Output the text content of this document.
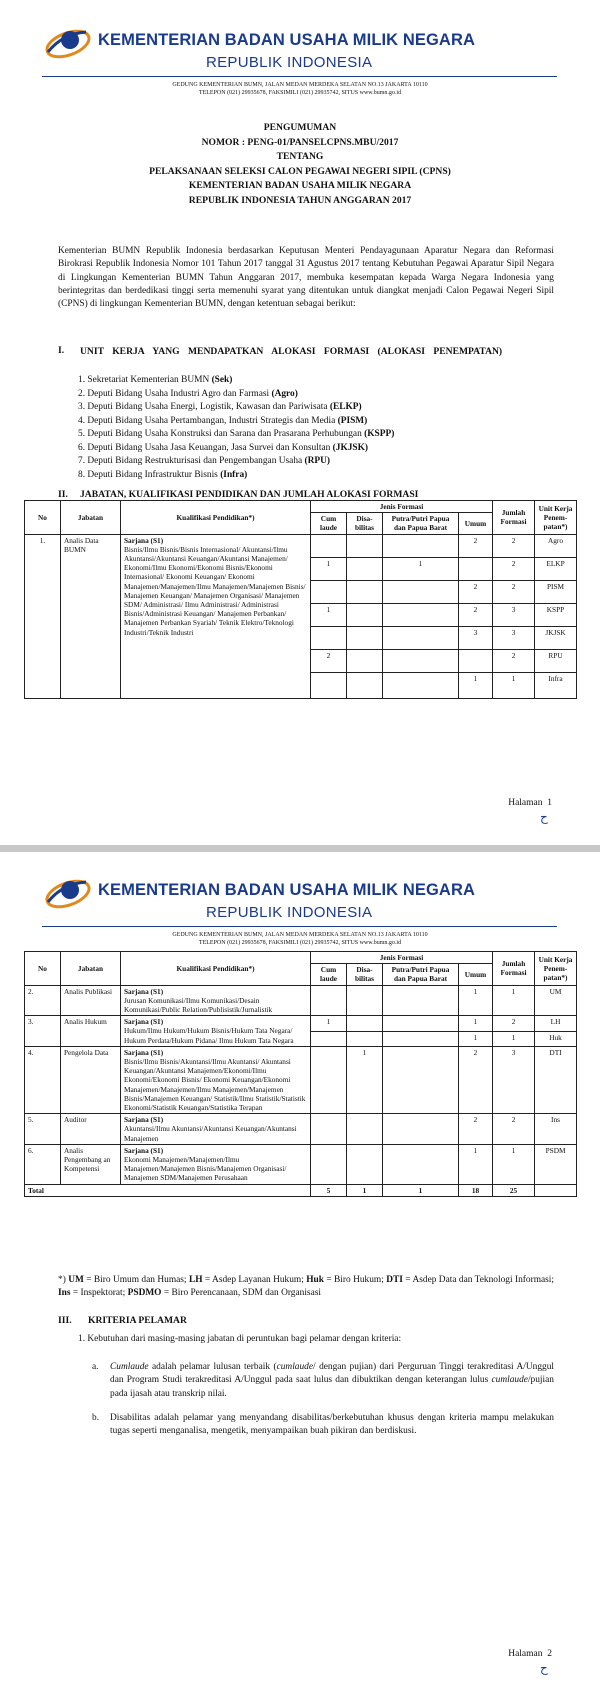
KEMENTERIAN BADAN USAHA MILIK NEGARA
REPUBLIK INDONESIA
GEDUNG KEMENTERIAN BUMN, JALAN MEDAN MERDEKA SELATAN NO.13 JAKARTA 10110
TELEPON (021) 29935678, FAKSIMILI (021) 29935742, SITUS www.bumn.go.id
PENGUMUMAN
NOMOR : PENG-01/PANSELCPNS.MBU/2017
TENTANG
PELAKSANAAN SELEKSI CALON PEGAWAI NEGERI SIPIL (CPNS)
KEMENTERIAN BADAN USAHA MILIK NEGARA
REPUBLIK INDONESIA TAHUN ANGGARAN 2017
Kementerian BUMN Republik Indonesia berdasarkan Keputusan Menteri Pendayagunaan Aparatur Negara dan Reformasi Birokrasi Republik Indonesia Nomor 101 Tahun 2017 tanggal 31 Agustus 2017 tentang Kebutuhan Pegawai Aparatur Sipil Negara di Lingkungan Kementerian BUMN Tahun Anggaran 2017, membuka kesempatan kepada Warga Negara Indonesia yang berintegritas dan berdedikasi tinggi serta memenuhi syarat yang ditentukan untuk diangkat menjadi Calon Pegawai Negeri Sipil (CPNS) di lingkungan Kementerian BUMN, dengan ketentuan sebagai berikut:
I. UNIT KERJA YANG MENDAPATKAN ALOKASI FORMASI (ALOKASI PENEMPATAN)
1. Sekretariat Kementerian BUMN (Sek)
2. Deputi Bidang Usaha Industri Agro dan Farmasi (Agro)
3. Deputi Bidang Usaha Energi, Logistik, Kawasan dan Pariwisata (ELKP)
4. Deputi Bidang Usaha Pertambangan, Industri Strategis dan Media (PISM)
5. Deputi Bidang Usaha Konstruksi dan Sarana dan Prasarana Perhubungan (KSPP)
6. Deputi Bidang Usaha Jasa Keuangan, Jasa Survei dan Konsultan (JKJSK)
7. Deputi Bidang Restrukturisasi dan Pengembangan Usaha (RPU)
8. Deputi Bidang Infrastruktur Bisnis (Infra)
II. JABATAN, KUALIFIKASI PENDIDIKAN DAN JUMLAH ALOKASI FORMASI
No	Jabatan	Kualifikasi Pendidikan*)	Jenis Formasi				Jumlah Formasi	Unit Kerja Penem-patan*)
			Cum laude	Disa-bilitas	Putra/Putri Papua dan Papua Barat	Umum		
1.	Analis Data BUMN	Sarjana (S1)
Bisnis/Ilmu Bisnis/Bisnis Internasional/ Akuntansi/Ilmu Akuntansi/Akuntansi Keuangan/Akuntansi Manajemen/ Ekonomi/Ilmu Ekonomi/Ekonomi Bisnis/Ekonomi Internasional/ Ekonomi Keuangan/ Ekonomi Manajemen/Manajemen/Ilmu Manajemen/Manajemen Bisnis/ Manajemen Keuangan/ Manajemen Organisasi/ Manajemen SDM/ Administrasi/ Ilmu Administrasi/ Administrasi Bisnis/Administrasi Keuangan/ Manajemen Perbankan/ Manajemen Perbankan Syariah/ Teknik Elektro/Teknologi Industri/Teknik Industri				2	2	Agro
			1		1		2	ELKP
						2	2	PISM
			1			2	3	KSPP
						3	3	JKJSK
			2				2	RPU
						1	1	Infra
Halaman 1
ح
KEMENTERIAN BADAN USAHA MILIK NEGARA
REPUBLIK INDONESIA
GEDUNG KEMENTERIAN BUMN, JALAN MEDAN MERDEKA SELATAN NO.13 JAKARTA 10110
TELEPON (021) 29935678, FAKSIMILI (021) 29935742, SITUS www.bumn.go.id
No	Jabatan	Kualifikasi Pendidikan*)	Jenis Formasi				Jumlah Formasi	Unit Kerja Penem-patan*)
			Cum laude	Disa-bilitas	Putra/Putri Papua dan Papua Barat	Umum		
2.	Analis Publikasi	Sarjana (S1)
Jurusan Komunikasi/Ilmu Komunikasi/Desain Komunikasi/Public Relation/Publisistik/Jurnalistik				1	1	UM
3.	Analis Hukum	Sarjana (S1)
Hukum/Ilmu Hukum/Hukum Bisnis/Hukum Tata Negara/ Hukum Perdata/Hukum Pidana/ Ilmu Hukum Tata Negara	1			1	2	LH
						1	1	Huk
4.	Pengelola Data	Sarjana (S1)
Bisnis/Ilmu Bisnis/Akuntansi/Ilmu Akuntansi/ Akuntansi Keuangan/Akuntansi Manajemen/Ekonomi/Ilmu Ekonomi/Ekonomi Bisnis/ Ekonomi Keuangan/Ekonomi Manajemen/Manajemen/Ilmu Manajemen/Manajemen Bisnis/Manajemen Keuangan/ Statistik/Ilmu Statistik/Statistik Ekonomi/Statistik Keuangan/Statistika Terapan		1		2	3	DTI
5.	Auditor	Sarjana (S1)
Akuntansi/Ilmu Akuntansi/Akuntansi Keuangan/Akuntansi Manajemen				2	2	Ins
6.	Analis Pengembang an Kompetensi	Sarjana (S1)
Ekonomi Manajemen/Manajemen/Ilmu Manajemen/Manajemen Bisnis/Manajemen Organisasi/ Manajemen SDM/Manajemen Perusahaan				1	1	PSDM
Total			5	1	1	18	25	
*) UM = Biro Umum dan Humas; LH = Asdep Layanan Hukum; Huk = Biro Hukum; DTI = Asdep Data dan Teknologi Informasi; Ins = Inspektorat; PSDMO = Biro Perencanaan, SDM dan Organisasi
III. KRITERIA PELAMAR
1. Kebutuhan dari masing-masing jabatan di peruntukan bagi pelamar dengan kriteria:
a.	Cumlaude adalah pelamar lulusan terbaik (cumlaude/ dengan pujian) dari Perguruan Tinggi terakreditasi A/Unggul dan Program Studi terakreditasi A/Unggul pada saat lulus dan dibuktikan dengan keterangan lulus cumlaude/pujian pada ijasah atau transkrip nilai.
b.	Disabilitas adalah pelamar yang menyandang disabilitas/berkebutuhan khusus dengan kriteria mampu melakukan tugas seperti menganalisa, mengetik, menyampaikan buah pikiran dan berdiskusi.
Halaman 2
ح
